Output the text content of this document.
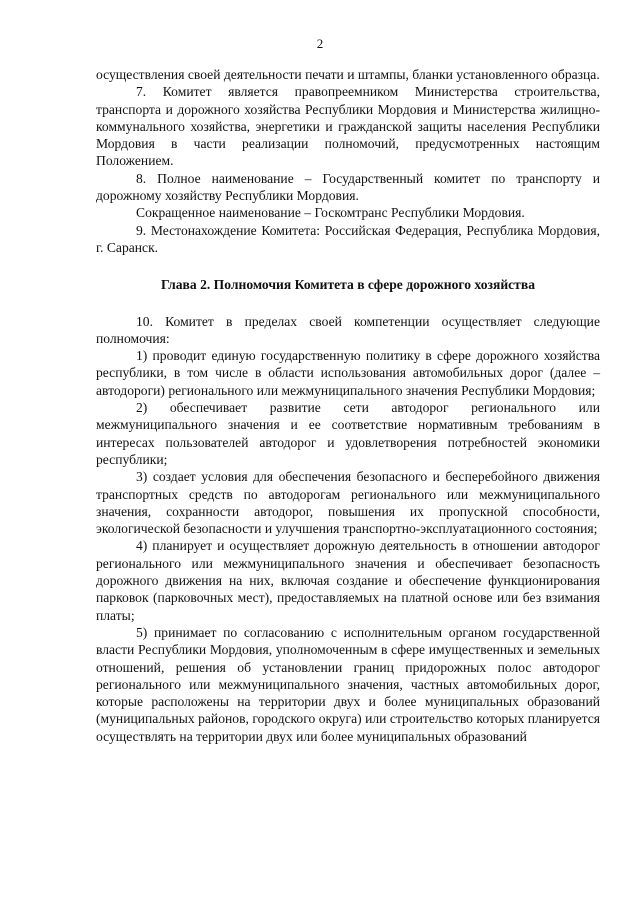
2

осуществления своей деятельности печати и штампы, бланки установленного образца.

7. Комитет является правопреемником Министерства строительства, транспорта и дорожного хозяйства Республики Мордовия и Министерства жилищно-коммунального хозяйства, энергетики и гражданской защиты населения Республики Мордовия в части реализации полномочий, предусмотренных настоящим Положением.

8. Полное наименование – Государственный комитет по транспорту и дорожному хозяйству Республики Мордовия.

Сокращенное наименование – Госкомтранс Республики Мордовия.

9. Местонахождение Комитета: Российская Федерация, Республика Мордовия, г. Саранск.

Глава 2. Полномочия Комитета в сфере дорожного хозяйства

10. Комитет в пределах своей компетенции осуществляет следующие полномочия:

1) проводит единую государственную политику в сфере дорожного хозяйства республики, в том числе в области использования автомобильных дорог (далее – автодороги) регионального или межмуниципального значения Республики Мордовия;

2) обеспечивает развитие сети автодорог регионального или межмуниципального значения и ее соответствие нормативным требованиям в интересах пользователей автодорог и удовлетворения потребностей экономики республики;

3) создает условия для обеспечения безопасного и бесперебойного движения транспортных средств по автодорогам регионального или межмуниципального значения, сохранности автодорог, повышения их пропускной способности, экологической безопасности и улучшения транспортно-эксплуатационного состояния;

4) планирует и осуществляет дорожную деятельность в отношении автодорог регионального или межмуниципального значения и обеспечивает безопасность дорожного движения на них, включая создание и обеспечение функционирования парковок (парковочных мест), предоставляемых на платной основе или без взимания платы;

5) принимает по согласованию с исполнительным органом государственной власти Республики Мордовия, уполномоченным в сфере имущественных и земельных отношений, решения об установлении границ придорожных полос автодорог регионального или межмуниципального значения, частных автомобильных дорог, которые расположены на территории двух и более муниципальных образований (муниципальных районов, городского округа) или строительство которых планируется осуществлять на территории двух или более муниципальных образований
